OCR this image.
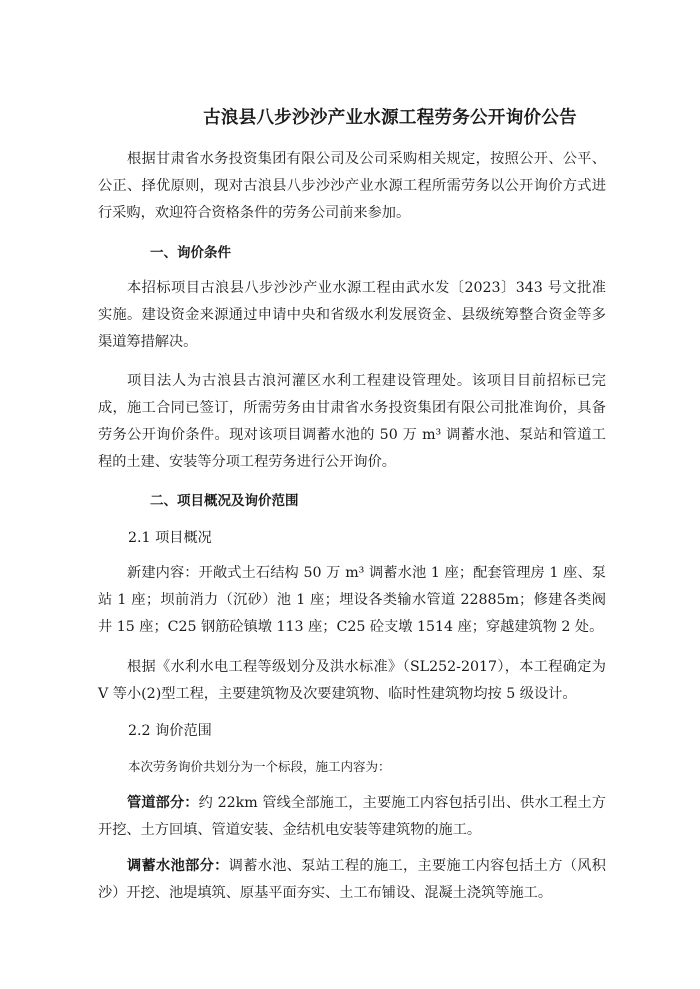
古浪县八步沙沙产业水源工程劳务公开询价公告
根据甘肃省水务投资集团有限公司及公司采购相关规定，按照公开、公平、公正、择优原则，现对古浪县八步沙沙产业水源工程所需劳务以公开询价方式进行采购，欢迎符合资格条件的劳务公司前来参加。
一、询价条件
本招标项目古浪县八步沙沙产业水源工程由武水发〔2023〕343 号文批准实施。建设资金来源通过申请中央和省级水利发展资金、县级统筹整合资金等多渠道筹措解决。
项目法人为古浪县古浪河灌区水利工程建设管理处。该项目目前招标已完成，施工合同已签订，所需劳务由甘肃省水务投资集团有限公司批准询价，具备劳务公开询价条件。现对该项目调蓄水池的 50 万 m³ 调蓄水池、泵站和管道工程的土建、安装等分项工程劳务进行公开询价。
二、项目概况及询价范围
2.1 项目概况
新建内容：开敞式土石结构 50 万 m³ 调蓄水池 1 座；配套管理房 1 座、泵站 1 座；坝前消力（沉砂）池 1 座；埋设各类输水管道 22885m；修建各类阀井 15 座；C25 钢筋砼镇墩 113 座；C25 砼支墩 1514 座；穿越建筑物 2 处。
根据《水利水电工程等级划分及洪水标准》（SL252-2017），本工程确定为 V 等小(2)型工程，主要建筑物及次要建筑物、临时性建筑物均按 5 级设计。
2.2 询价范围
本次劳务询价共划分为一个标段，施工内容为：
管道部分：约 22km 管线全部施工，主要施工内容包括引出、供水工程土方开挖、土方回填、管道安装、金结机电安装等建筑物的施工。
调蓄水池部分：调蓄水池、泵站工程的施工，主要施工内容包括土方（风积沙）开挖、池堤填筑、原基平面夯实、土工布铺设、混凝土浇筑等施工。
